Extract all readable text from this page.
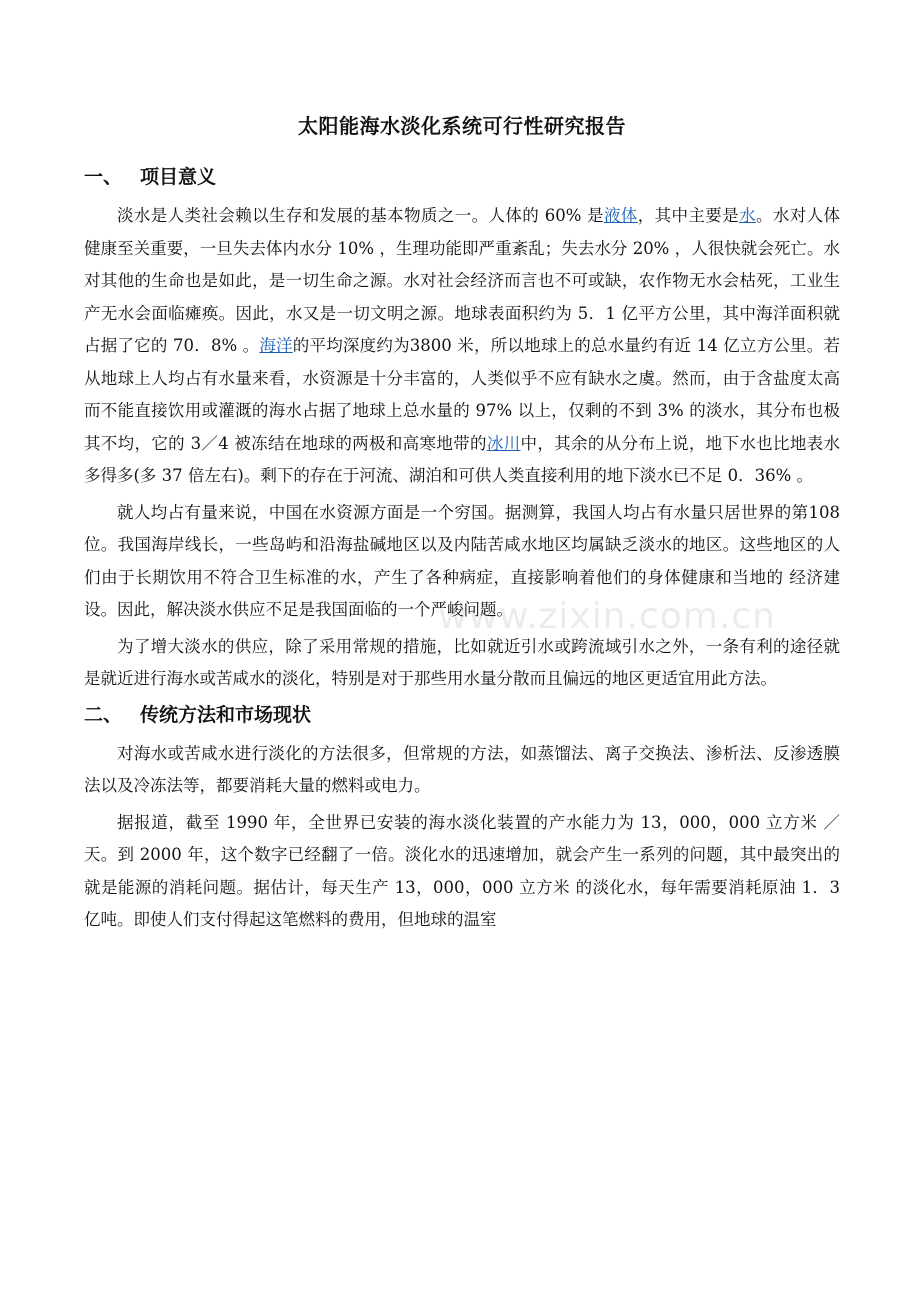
太阳能海水淡化系统可行性研究报告
一、 项目意义

淡水是人类社会赖以生存和发展的基本物质之一。人体的 60% 是液体，其中主要是水。水对人体健康至关重要，一旦失去体内水分 10% ，生理功能即严重紊乱；失去水分 20% ，人很快就会死亡。水对其他的生命也是如此，是一切生命之源。水对社会经济而言也不可或缺，农作物无水会枯死，工业生产无水会面临瘫痪。因此，水又是一切文明之源。地球表面积约为 5．1 亿平方公里，其中海洋面积就占据了它的 70．8% 。海洋的平均深度约为3800 米，所以地球上的总水量约有近 14 亿立方公里。若从地球上人均占有水量来看，水资源是十分丰富的，人类似乎不应有缺水之虞。然而，由于含盐度太高而不能直接饮用或灌溉的海水占据了地球上总水量的 97% 以上，仅剩的不到 3% 的淡水，其分布也极其不均，它的 3／4 被冻结在地球的两极和高寒地带的冰川中，其余的从分布上说，地下水也比地表水多得多(多 37 倍左右)。剩下的存在于河流、湖泊和可供人类直接利用的地下淡水已不足 0．36% 。

就人均占有量来说，中国在水资源方面是一个穷国。据测算，我国人均占有水量只居世界的第108 位。我国海岸线长，一些岛屿和沿海盐碱地区以及内陆苦咸水地区均属缺乏淡水的地区。这些地区的人们由于长期饮用不符合卫生标准的水，产生了各种病症，直接影响着他们的身体健康和当地的 经济建设。因此，解决淡水供应不足是我国面临的一个严峻问题。

为了增大淡水的供应，除了采用常规的措施，比如就近引水或跨流域引水之外，一条有利的途径就是就近进行海水或苦咸水的淡化，特别是对于那些用水量分散而且偏远的地区更适宜用此方法。

二、 传统方法和市场现状

对海水或苦咸水进行淡化的方法很多，但常规的方法，如蒸馏法、离子交换法、渗析法、反渗透膜法以及冷冻法等，都要消耗大量的燃料或电力。

据报道，截至 1990 年，全世界已安装的海水淡化装置的产水能力为 13，000，000 立方米 ／天。到 2000 年，这个数字已经翻了一倍。淡化水的迅速增加，就会产生一系列的问题，其中最突出的就是能源的消耗问题。据估计，每天生产 13，000，000 立方米 的淡化水，每年需要消耗原油 1．3 亿吨。即使人们支付得起这笔燃料的费用，但地球的温室

www.zixin.com.cn
